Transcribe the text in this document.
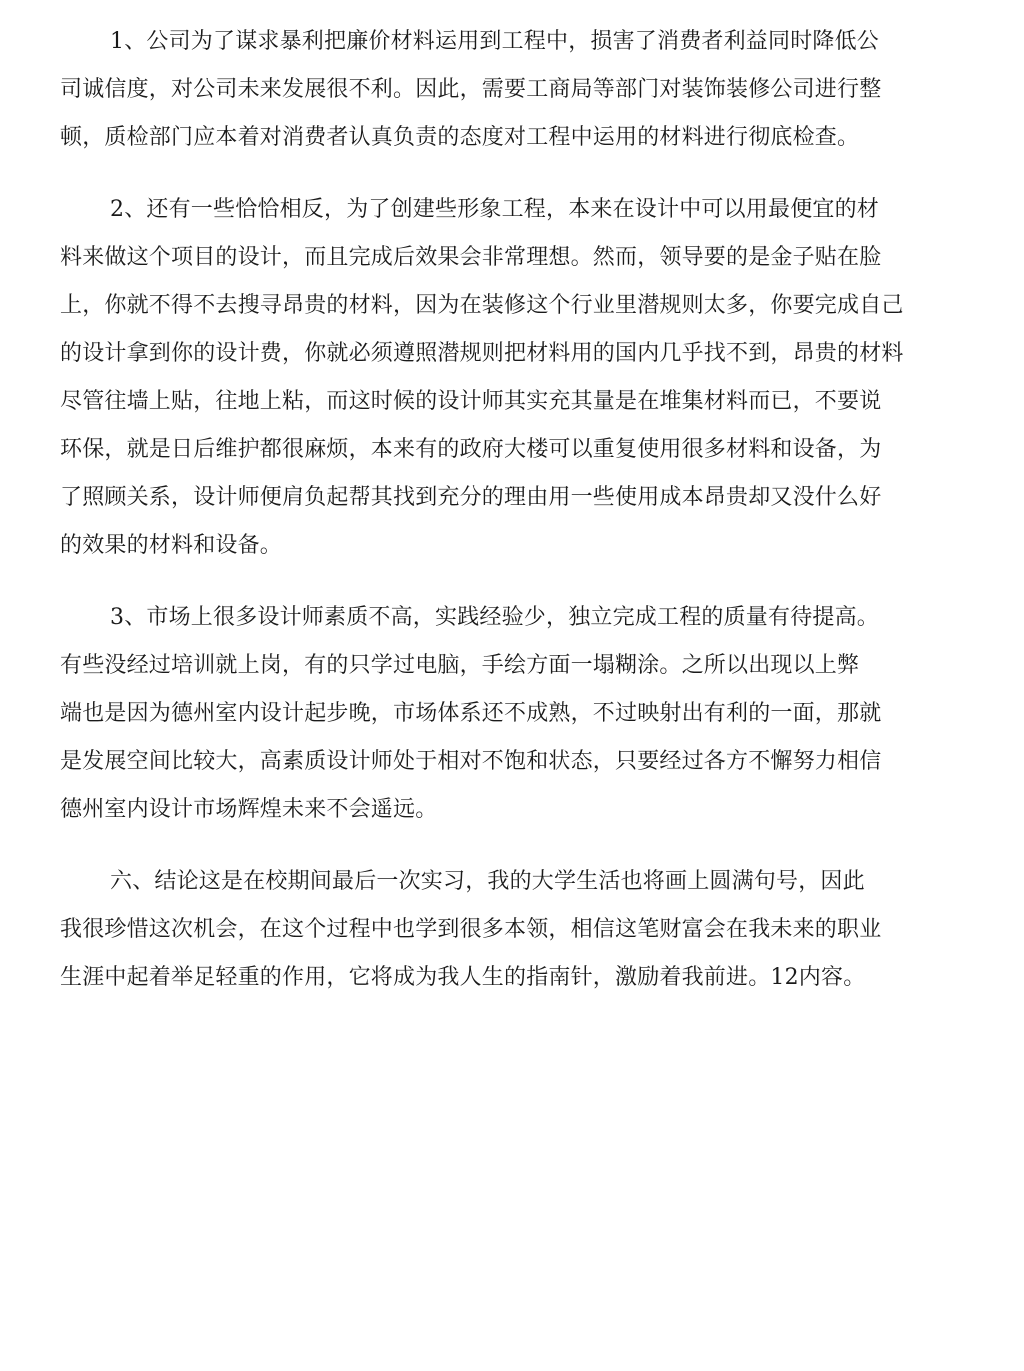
1、公司为了谋求暴利把廉价材料运用到工程中，损害了消费者利益同时降低公
司诚信度，对公司未来发展很不利。因此，需要工商局等部门对装饰装修公司进行整
顿，质检部门应本着对消费者认真负责的态度对工程中运用的材料进行彻底检查。
2、还有一些恰恰相反，为了创建些形象工程，本来在设计中可以用最便宜的材
料来做这个项目的设计，而且完成后效果会非常理想。然而，领导要的是金子贴在脸
上，你就不得不去搜寻昂贵的材料，因为在装修这个行业里潜规则太多，你要完成自己
的设计拿到你的设计费，你就必须遵照潜规则把材料用的国内几乎找不到，昂贵的材料
尽管往墙上贴，往地上粘，而这时候的设计师其实充其量是在堆集材料而已，不要说
环保，就是日后维护都很麻烦，本来有的政府大楼可以重复使用很多材料和设备，为
了照顾关系，设计师便肩负起帮其找到充分的理由用一些使用成本昂贵却又没什么好
的效果的材料和设备。
3、市场上很多设计师素质不高，实践经验少，独立完成工程的质量有待提高。
有些没经过培训就上岗，有的只学过电脑，手绘方面一塌糊涂。之所以出现以上弊
端也是因为德州室内设计起步晚，市场体系还不成熟，不过映射出有利的一面，那就
是发展空间比较大，高素质设计师处于相对不饱和状态，只要经过各方不懈努力相信
德州室内设计市场辉煌未来不会遥远。
六、结论这是在校期间最后一次实习，我的大学生活也将画上圆满句号，因此
我很珍惜这次机会，在这个过程中也学到很多本领，相信这笔财富会在我未来的职业
生涯中起着举足轻重的作用，它将成为我人生的指南针，激励着我前进。12内容。
